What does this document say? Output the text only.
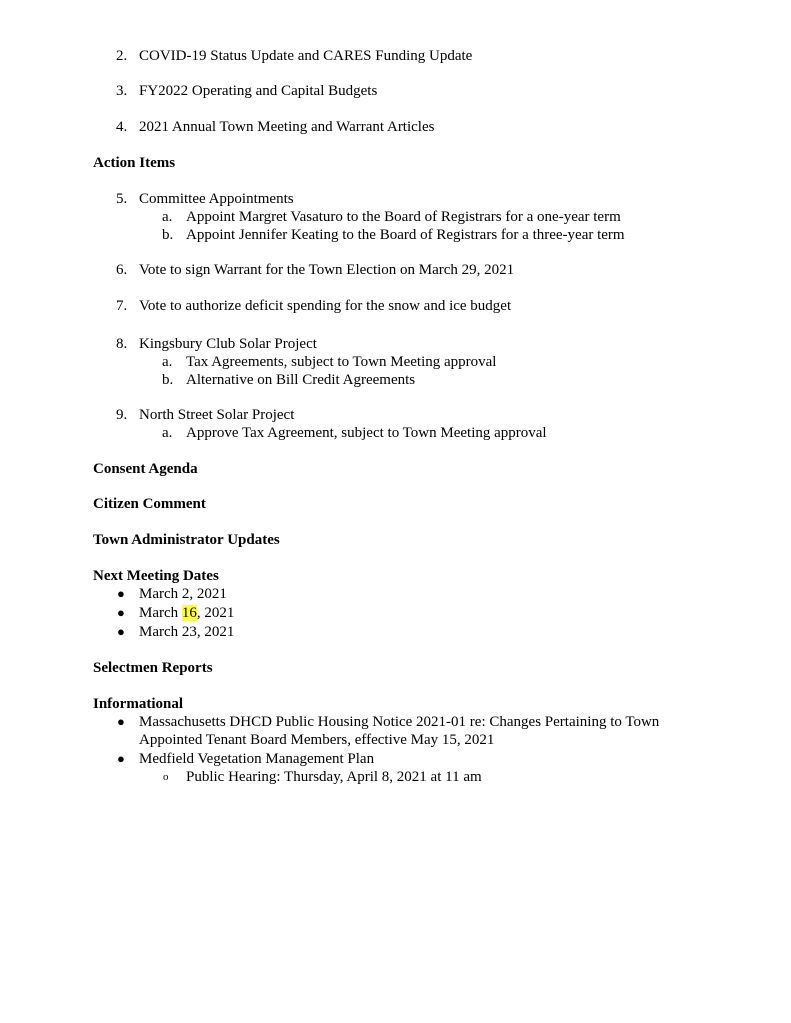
2. COVID-19 Status Update and CARES Funding Update
3. FY2022 Operating and Capital Budgets
4. 2021 Annual Town Meeting and Warrant Articles
Action Items
5. Committee Appointments
a. Appoint Margret Vasaturo to the Board of Registrars for a one-year term
b. Appoint Jennifer Keating to the Board of Registrars for a three-year term
6. Vote to sign Warrant for the Town Election on March 29, 2021
7. Vote to authorize deficit spending for the snow and ice budget
8. Kingsbury Club Solar Project
a. Tax Agreements, subject to Town Meeting approval
b. Alternative on Bill Credit Agreements
9. North Street Solar Project
a. Approve Tax Agreement, subject to Town Meeting approval
Consent Agenda
Citizen Comment
Town Administrator Updates
Next Meeting Dates
● March 2, 2021
● March 16, 2021
● March 23, 2021
Selectmen Reports
Informational
● Massachusetts DHCD Public Housing Notice 2021-01 re: Changes Pertaining to Town
Appointed Tenant Board Members, effective May 15, 2021
● Medfield Vegetation Management Plan
o Public Hearing: Thursday, April 8, 2021 at 11 am
